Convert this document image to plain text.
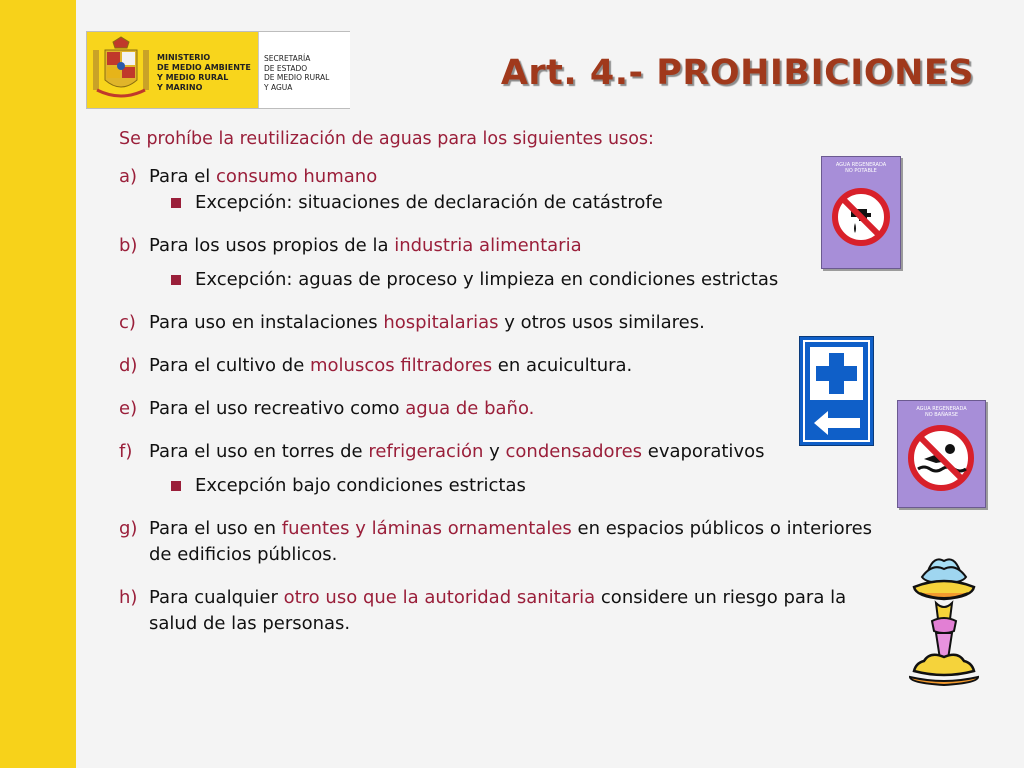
MINISTERIO
DE MEDIO AMBIENTE
Y MEDIO RURAL
Y MARINO
SECRETARÍA
DE ESTADO
DE MEDIO RURAL
Y AGUA	Art. 4.- PROHIBICIONES
Se prohíbe la reutilización de aguas para los siguientes usos:
a) Para el consumo humano
Excepción: situaciones de declaración de catástrofe
b) Para los usos propios de la industria alimentaria
Excepción: aguas de proceso y limpieza en condiciones estrictas
c) Para uso en instalaciones hospitalarias y otros usos similares.
d) Para el cultivo de moluscos filtradores en acuicultura.
e) Para el uso recreativo como agua de baño.
f) Para el uso en torres de refrigeración y condensadores evaporativos
Excepción bajo condiciones estrictas
g) Para el uso en fuentes y láminas ornamentales en espacios públicos o interiores de edificios públicos.
h) Para cualquier otro uso que la autoridad sanitaria considere un riesgo para la salud de las personas.
AGUA REGENERADA
NO POTABLE
AGUA REGENERADA
NO BAÑARSE
